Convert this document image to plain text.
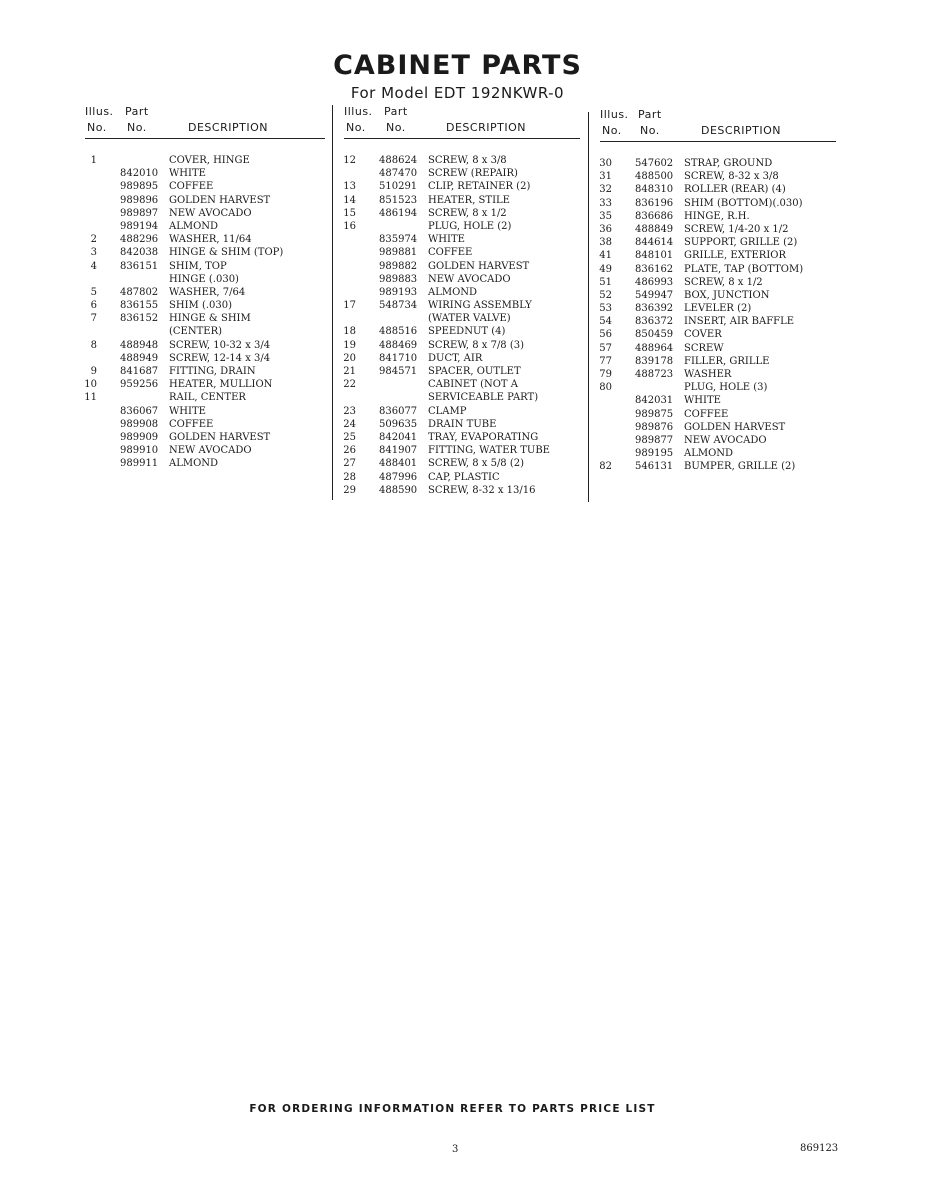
CABINET PARTS
For Model EDT 192NKWR-0
Illus. Part
No. No.	DESCRIPTION
1	COVER, HINGE
842010 WHITE
989895 COFFEE
989896 GOLDEN HARVEST
989897 NEW AVOCADO
989194 ALMOND
2 488296 WASHER, 11/64
3 842038 HINGE & SHIM (TOP)
4 836151 SHIM, TOP
HINGE (.030)
5 487802 WASHER, 7/64
6 836155 SHIM (.030)
7 836152 HINGE & SHIM
(CENTER)
8 488948 SCREW, 10-32 x 3/4
488949 SCREW, 12-14 x 3/4
9 841687 FITTING, DRAIN
10 959256 HEATER, MULLION
11	RAIL, CENTER
836067 WHITE
989908 COFFEE
989909 GOLDEN HARVEST
989910 NEW AVOCADO
989911 ALMOND
Illus. Part
No. No.	DESCRIPTION
12 488624 SCREW, 8 x 3/8
487470 SCREW (REPAIR)
13 510291 CLIP, RETAINER (2)
14 851523 HEATER, STILE
15 486194 SCREW, 8 x 1/2
16	PLUG, HOLE (2)
835974 WHITE
989881 COFFEE
989882 GOLDEN HARVEST
989883 NEW AVOCADO
989193 ALMOND
17 548734 WIRING ASSEMBLY
(WATER VALVE)
18 488516 SPEEDNUT (4)
19 488469 SCREW, 8 x 7/8 (3)
20 841710 DUCT, AIR
21 984571 SPACER, OUTLET
22	CABINET (NOT A
SERVICEABLE PART)
23 836077 CLAMP
24 509635 DRAIN TUBE
25 842041 TRAY, EVAPORATING
26 841907 FITTING, WATER TUBE
27 488401 SCREW, 8 x 5/8 (2)
28 487996 CAP, PLASTIC
29 488590 SCREW, 8-32 x 13/16
Illus. Part
No. No.	DESCRIPTION
30 547602 STRAP, GROUND
31 488500 SCREW, 8-32 x 3/8
32 848310 ROLLER (REAR) (4)
33 836196 SHIM (BOTTOM)(.030)
35 836686 HINGE, R.H.
36 488849 SCREW, 1/4-20 x 1/2
38 844614 SUPPORT, GRILLE (2)
41 848101 GRILLE, EXTERIOR
49 836162 PLATE, TAP (BOTTOM)
51 486993 SCREW, 8 x 1/2
52 549947 BOX, JUNCTION
53 836392 LEVELER (2)
54 836372 INSERT, AIR BAFFLE
56 850459 COVER
57 488964 SCREW
77 839178 FILLER, GRILLE
79 488723 WASHER
80	PLUG, HOLE (3)
842031 WHITE
989875 COFFEE
989876 GOLDEN HARVEST
989877 NEW AVOCADO
989195 ALMOND
82 546131 BUMPER, GRILLE (2)
FOR ORDERING INFORMATION REFER TO PARTS PRICE LIST
3	869123
